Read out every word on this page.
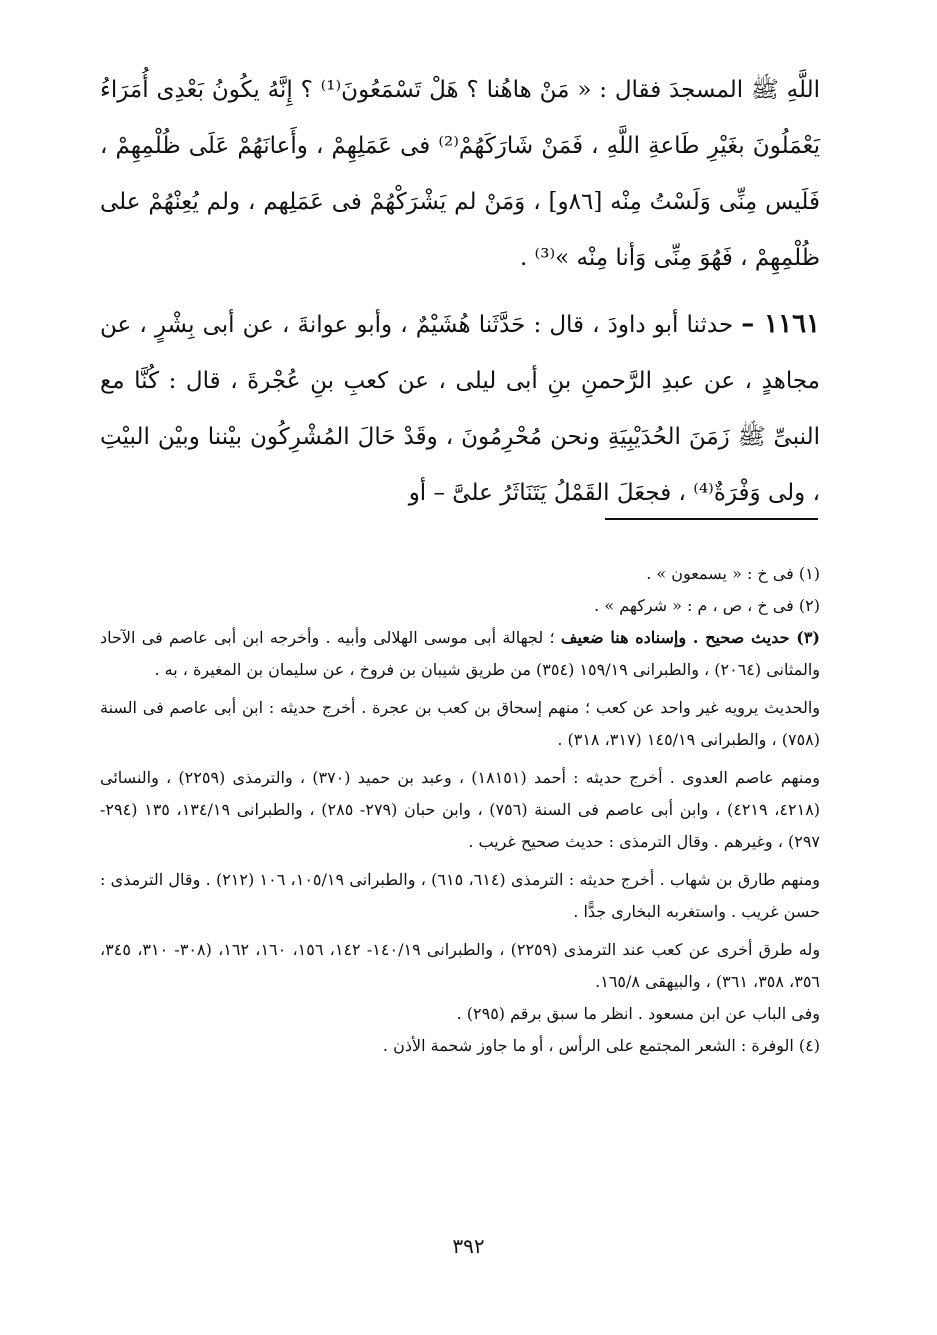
اللَّهِ ﷺ المسجدَ فقال : « مَنْ هاهُنا ؟ هَلْ تَسْمَعُونَ⁽¹⁾ ؟ إِنَّهُ يكُونُ بَعْدِى أُمَرَاءُ يَعْمَلُونَ بغَيْرِ طَاعةِ اللَّهِ ، فَمَنْ شَارَكَهُمْ⁽²⁾ فى عَمَلِهِمْ ، وأَعانَهُمْ عَلَى ظُلْمِهِمْ ، فَلَيس مِنِّى وَلَسْتُ مِنْه [٨٦و] ، وَمَنْ لم يَشْرَكْهُمْ فى عَمَلِهم ، ولم يُعِنْهُمْ على ظُلْمِهِمْ ، فَهُوَ مِنِّى وَأنا مِنْه »⁽³⁾ .

١١٦١ – حدثنا أبو داودَ ، قال : حَدَّثَنا هُشَيْمٌ ، وأبو عوانةَ ، عن أبى بِشْرٍ ، عن مجاهدٍ ، عن عبدِ الرَّحمنِ بنِ أبى ليلى ، عن كعبِ بنِ عُجْرةَ ، قال : كُنَّا مع النبىِّ ﷺ زَمَنَ الحُدَيْبِيَةِ ونحن مُحْرِمُونَ ، وقَدْ حَالَ المُشْرِكُون بيْننا وبيْن البيْتِ ، ولى وَفْرَةٌ⁽⁴⁾ ، فجعَلَ القَمْلُ يَتَنَاثَرُ علىَّ – أو

(١) فى خ : « يسمعون » .

(٢) فى خ ، ص ، م : « شركهم » .

(٣) حديث صحيح . وإسناده هنا ضعيف ؛ لجهالة أبى موسى الهلالى وأبيه . وأخرجه ابن أبى عاصم فى الآحاد والمثانى (٢٠٦٤) ، والطبرانى ١٥٩/١٩ (٣٥٤) من طريق شيبان بن فروخ ، عن سليمان بن المغيرة ، به .

والحديث يرويه غير واحد عن كعب ؛ منهم إسحاق بن كعب بن عجرة . أخرج حديثه : ابن أبى عاصم فى السنة (٧٥٨) ، والطبرانى ١٤٥/١٩ (٣١٧، ٣١٨) .

ومنهم عاصم العدوى . أخرج حديثه : أحمد (١٨١٥١) ، وعبد بن حميد (٣٧٠) ، والترمذى (٢٢٥٩) ، والنسائى (٤٢١٨، ٤٢١٩) ، وابن أبى عاصم فى السنة (٧٥٦) ، وابن حبان (٢٧٩- ٢٨٥) ، والطبرانى ١٣٤/١٩، ١٣٥ (٢٩٤- ٢٩٧) ، وغيرهم . وقال الترمذى : حديث صحيح غريب .

ومنهم طارق بن شهاب . أخرج حديثه : الترمذى (٦١٤، ٦١٥) ، والطبرانى ١٠٥/١٩، ١٠٦ (٢١٢) . وقال الترمذى : حسن غريب . واستغربه البخارى جدًّا .

وله طرق أخرى عن كعب عند الترمذى (٢٢٥٩) ، والطبرانى ١٤٠/١٩- ١٤٢، ١٥٦، ١٦٠، ١٦٢، (٣٠٨- ٣١٠، ٣٤٥، ٣٥٦، ٣٥٨، ٣٦١) ، والبيهقى ١٦٥/٨.

وفى الباب عن ابن مسعود . انظر ما سبق برقم (٢٩٥) .

(٤) الوفرة : الشعر المجتمع على الرأس ، أو ما جاوز شحمة الأذن .

٣٩٢
